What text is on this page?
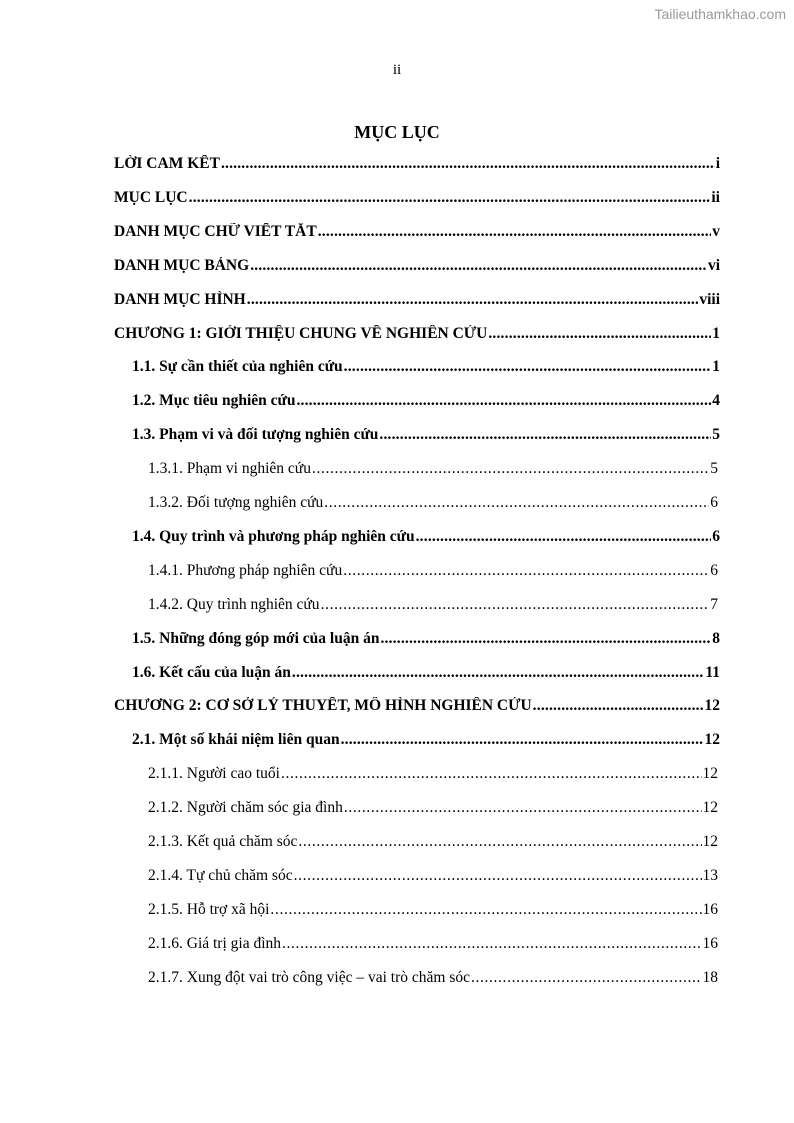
Tailieuthamkhao.com
ii
MỤC LỤC
LỜI CAM KẾT .....	i
MỤC LỤC .....	ii
DANH MỤC CHỮ VIẾT TẮT .....	v
DANH MỤC BẢNG .....	vi
DANH MỤC HÌNH .....	viii
CHƯƠNG 1: GIỚI THIỆU CHUNG VỀ NGHIÊN CỨU .....	1
1.1. Sự cần thiết của nghiên cứu .....	1
1.2. Mục tiêu nghiên cứu .....	4
1.3. Phạm vi và đối tượng nghiên cứu .....	5
1.3.1. Phạm vi nghiên cứu . . .	5
1.3.2. Đối tượng nghiên cứu . . .	6
1.4. Quy trình và phương pháp nghiên cứu .....	6
1.4.1. Phương pháp nghiên cứu . . .	6
1.4.2. Quy trình nghiên cứu . . .	7
1.5. Những đóng góp mới của luận án .....	8
1.6. Kết cấu của luận án .....	11
CHƯƠNG 2: CƠ SỞ LÝ THUYẾT, MÔ HÌNH NGHIÊN CỨU .....	12
2.1. Một số khái niệm liên quan .....	12
2.1.1. Người cao tuổi . . .	12
2.1.2. Người chăm sóc gia đình . . .	12
2.1.3. Kết quả chăm sóc . . .	12
2.1.4. Tự chủ chăm sóc . . .	13
2.1.5. Hỗ trợ xã hội . . .	16
2.1.6. Giá trị gia đình . . .	16
2.1.7. Xung đột vai trò công việc – vai trò chăm sóc . . .	18
